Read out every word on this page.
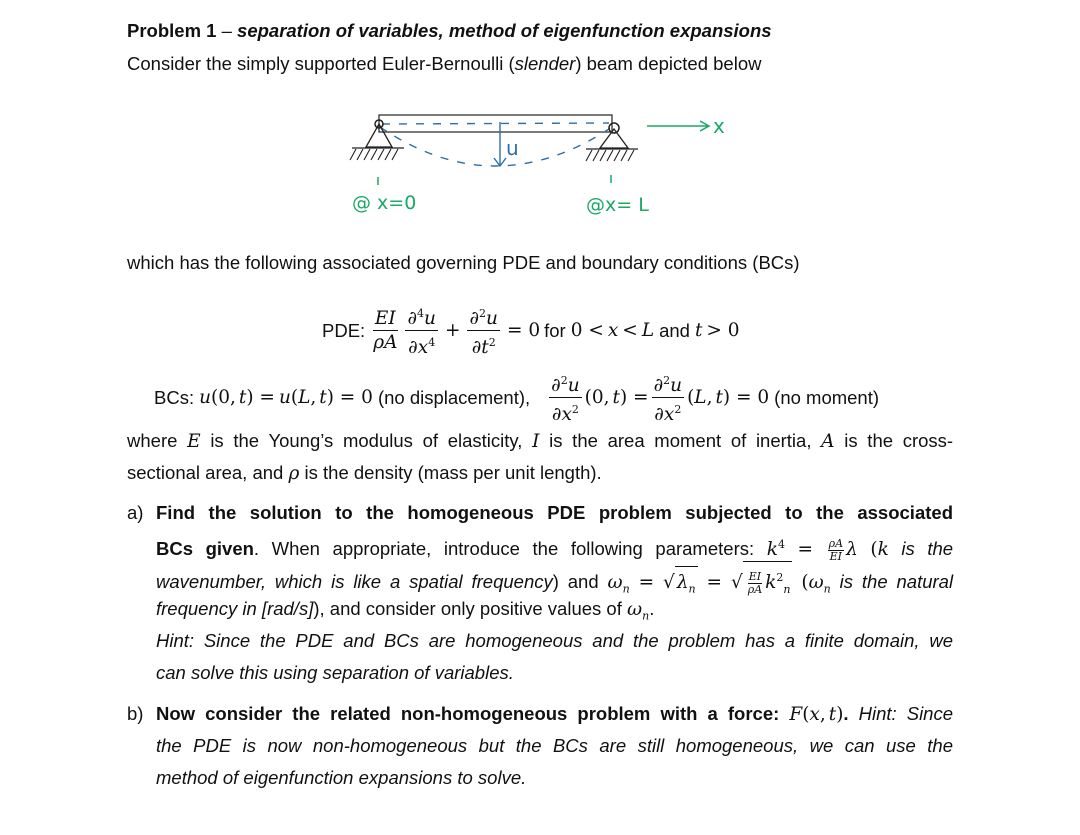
Problem 1 – separation of variables, method of eigenfunction expansions
Consider the simply supported Euler-Bernoulli (slender) beam depicted below
u
x
@ x=0	@x= L
which has the following associated governing PDE and boundary conditions (BCs)
PDE: $\frac{EI}{\rho A} \frac{\partial^4u}{\partial x^4} + \frac{\partial^2u}{\partial t^2} = 0$ for 0 < x < L and t > 0
BCs: u (0, t ) = u ( L , t ) = 0 (no displacement), $\frac{\partial^2u}{\partial x^2} (0$, t ) = $\frac{\partial^2u}{\partial x^2}$ ( L , t ) = 0 (no moment)
where E is the Young’s modulus of elasticity, I is the area moment of inertia, A is the cross-
sectional area, and ρ is the density (mass per unit length).
a) Find the solution to the homogeneous PDE problem subjected to the associated
BCs given. When appropriate, introduce the following parameters: $k^4 = \frac{\rho A}{EI}$ λ (k is the
wavenumber, which is like a spatial frequency) and $\omega_n$ = √ $\lambda_n$ = √ $\frac{EI}{\rho A} k^2_n$ ($\omega_n$ is the natural
frequency in [rad/s]), and consider only positive values of $\omega_n$.
Hint: Since the PDE and BCs are homogeneous and the problem has a finite domain, we
can solve this using separation of variables.
b) Now consider the related non-homogeneous problem with a force: F(x, t). Hint: Since
the PDE is now non-homogeneous but the BCs are still homogeneous, we can use the
method of eigenfunction expansions to solve.
